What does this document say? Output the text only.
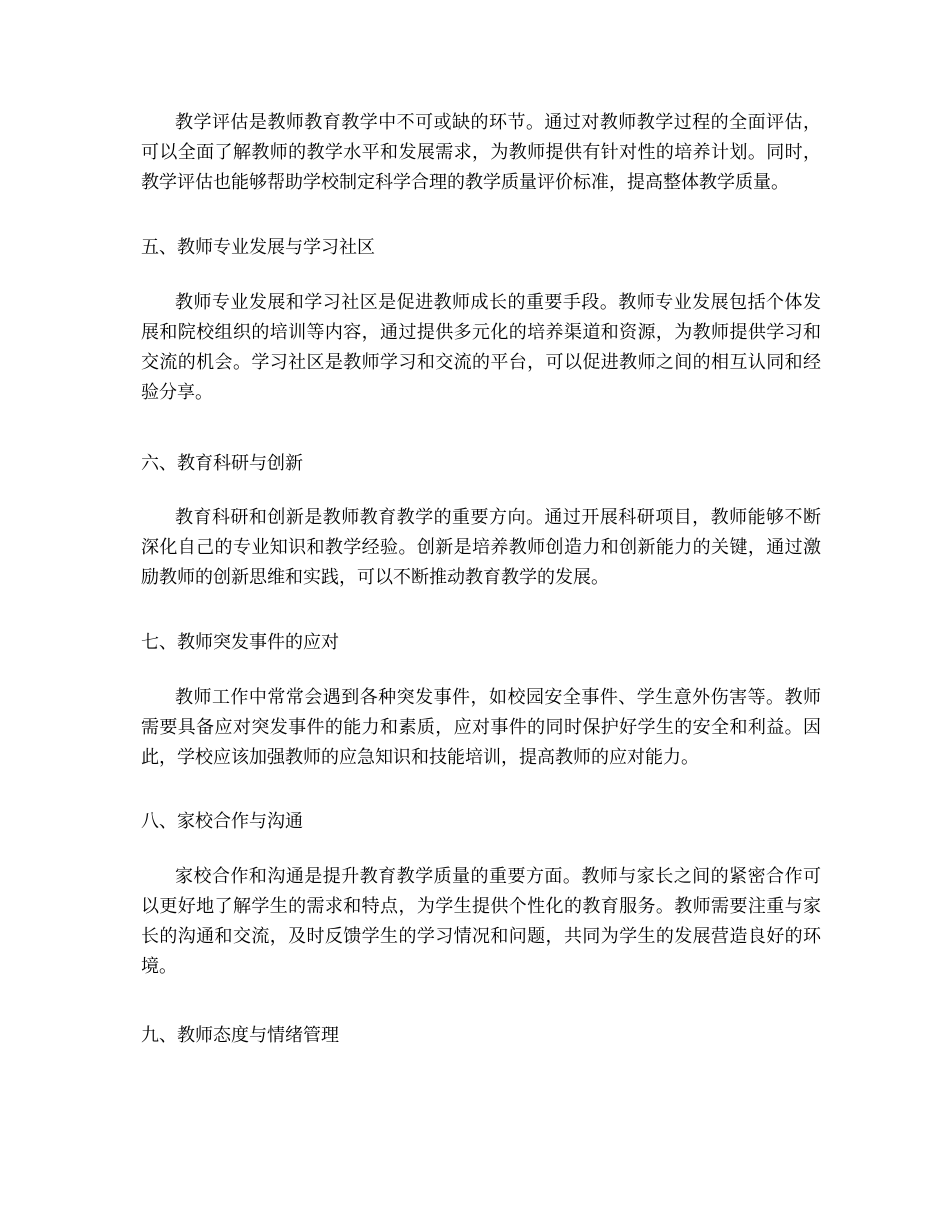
教学评估是教师教育教学中不可或缺的环节。通过对教师教学过程的全面评估，可以全面了解教师的教学水平和发展需求，为教师提供有针对性的培养计划。同时，教学评估也能够帮助学校制定科学合理的教学质量评价标准，提高整体教学质量。

五、教师专业发展与学习社区

教师专业发展和学习社区是促进教师成长的重要手段。教师专业发展包括个体发展和院校组织的培训等内容，通过提供多元化的培养渠道和资源，为教师提供学习和交流的机会。学习社区是教师学习和交流的平台，可以促进教师之间的相互认同和经验分享。

六、教育科研与创新

教育科研和创新是教师教育教学的重要方向。通过开展科研项目，教师能够不断深化自己的专业知识和教学经验。创新是培养教师创造力和创新能力的关键，通过激励教师的创新思维和实践，可以不断推动教育教学的发展。

七、教师突发事件的应对

教师工作中常常会遇到各种突发事件，如校园安全事件、学生意外伤害等。教师需要具备应对突发事件的能力和素质，应对事件的同时保护好学生的安全和利益。因此，学校应该加强教师的应急知识和技能培训，提高教师的应对能力。

八、家校合作与沟通

家校合作和沟通是提升教育教学质量的重要方面。教师与家长之间的紧密合作可以更好地了解学生的需求和特点，为学生提供个性化的教育服务。教师需要注重与家长的沟通和交流，及时反馈学生的学习情况和问题，共同为学生的发展营造良好的环境。

九、教师态度与情绪管理
